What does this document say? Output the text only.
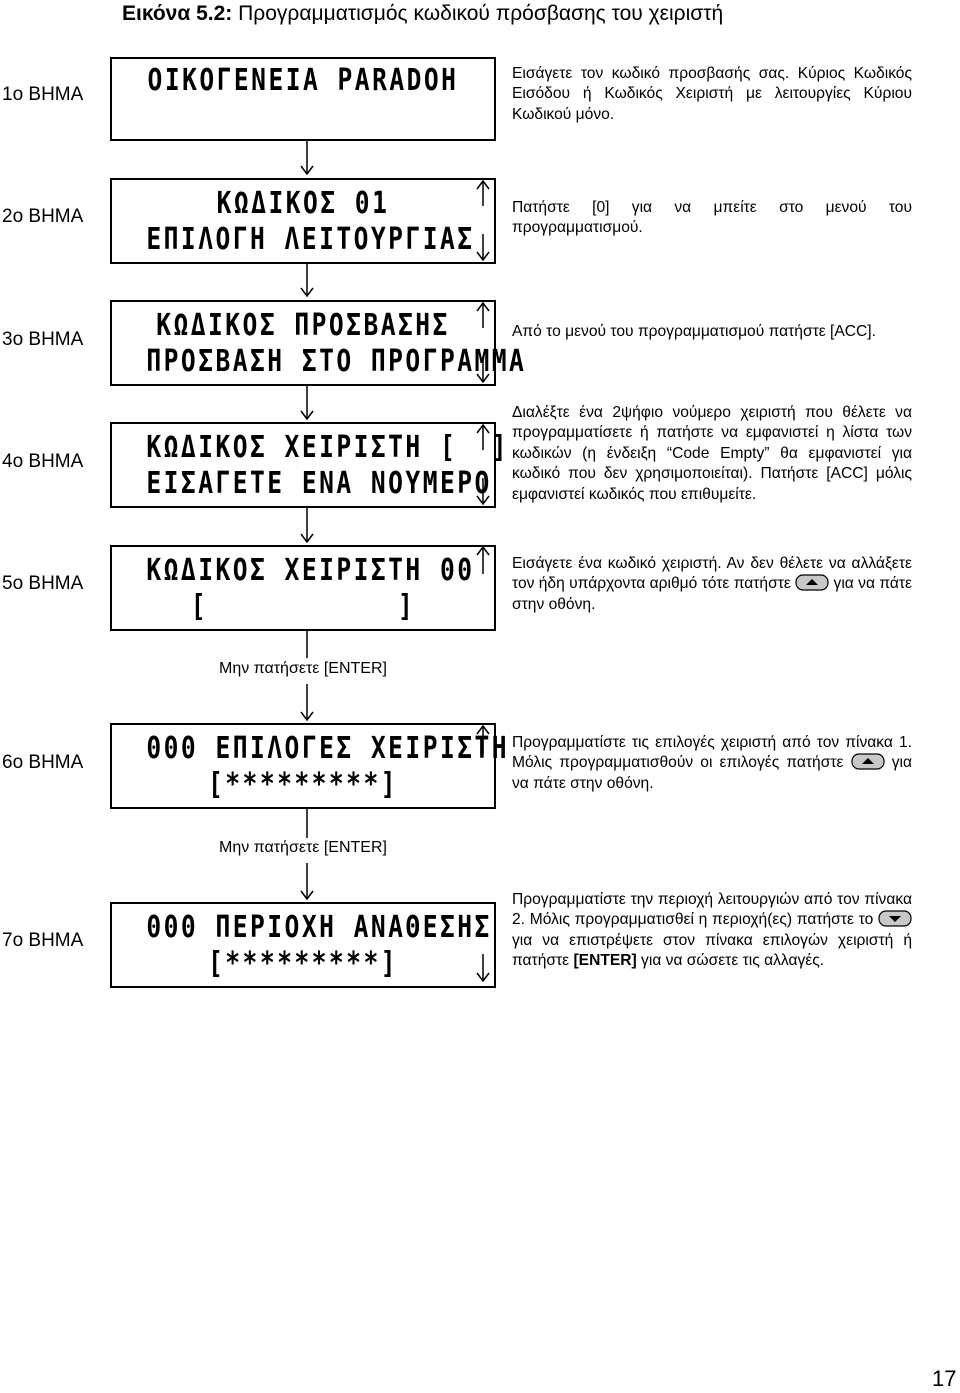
Εικόνα 5.2: Προγραμματισμός κωδικού πρόσβασης του χειριστή
1ο ΒΗΜΑ	OIKOΓENEIA PARADOH	Εισάγετε τον κωδικό προσβασής σας. Κύριος Κωδικός Εισόδου ή Κωδικός Χειριστή με λειτουργίες Κύριου Κωδικού μόνο.
2ο ΒΗΜΑ	KΩΔIKOΣ 01
EΠIΛOΓH ΛEITOYPΓIAΣ
Πατήστε [0] για να μπείτε στο μενού του προγραμματισμού.
3ο ΒΗΜΑ	KΩΔIKOΣ ΠPOΣBAΣHΣ
ΠPOΣBAΣH ΣTO ΠPOΓPAMMA
Από το μενού του προγραμματισμού πατήστε [ACC].
4ο ΒΗΜΑ	KΩΔIKOΣ XEIPIΣTH [  ]
EIΣAΓETE ENA NOYMEPO
Διαλέξτε ένα 2ψήφιο νούμερο χειριστή που θέλετε να προγραμματίσετε ή πατήστε να εμφανιστεί η λίστα των κωδικών (η ένδειξη “Code Empty” θα εμφανιστεί για κωδικό που δεν χρησιμοποιείται). Πατήστε [ACC] μόλις εμφανιστεί κωδικός που επιθυμείτε.
5ο ΒΗΜΑ	KΩΔIKOΣ XEIPIΣTH 00
[           ]
Εισάγετε ένα κωδικό χειριστή. Αν δεν θέλετε να αλλάξετε τον ήδη υπάρχοντα αριθμό τότε πατήστε  για να πάτε στην οθόνη.
Μην πατήσετε [ENTER]
6ο ΒΗΜΑ	000 EΠIΛOΓEΣ XEIPIΣTH
[*********]
Προγραμματίστε τις επιλογές χειριστή από τον πίνακα 1. Μόλις προγραμματισθούν οι επιλογές πατήστε  για να πάτε στην οθόνη.
Μην πατήσετε [ENTER]
7ο ΒΗΜΑ	000 ΠEPIOXH ANAΘEΣHΣ
[*********]
Προγραμματίστε την περιοχή λειτουργιών από τον πίνακα 2. Μόλις προγραμματισθεί η περιοχή(ες) πατήστε το  για να επιστρέψετε στον πίνακα επιλογών χειριστή ή πατήστε [ENTER] για να σώσετε τις αλλαγές.
17
